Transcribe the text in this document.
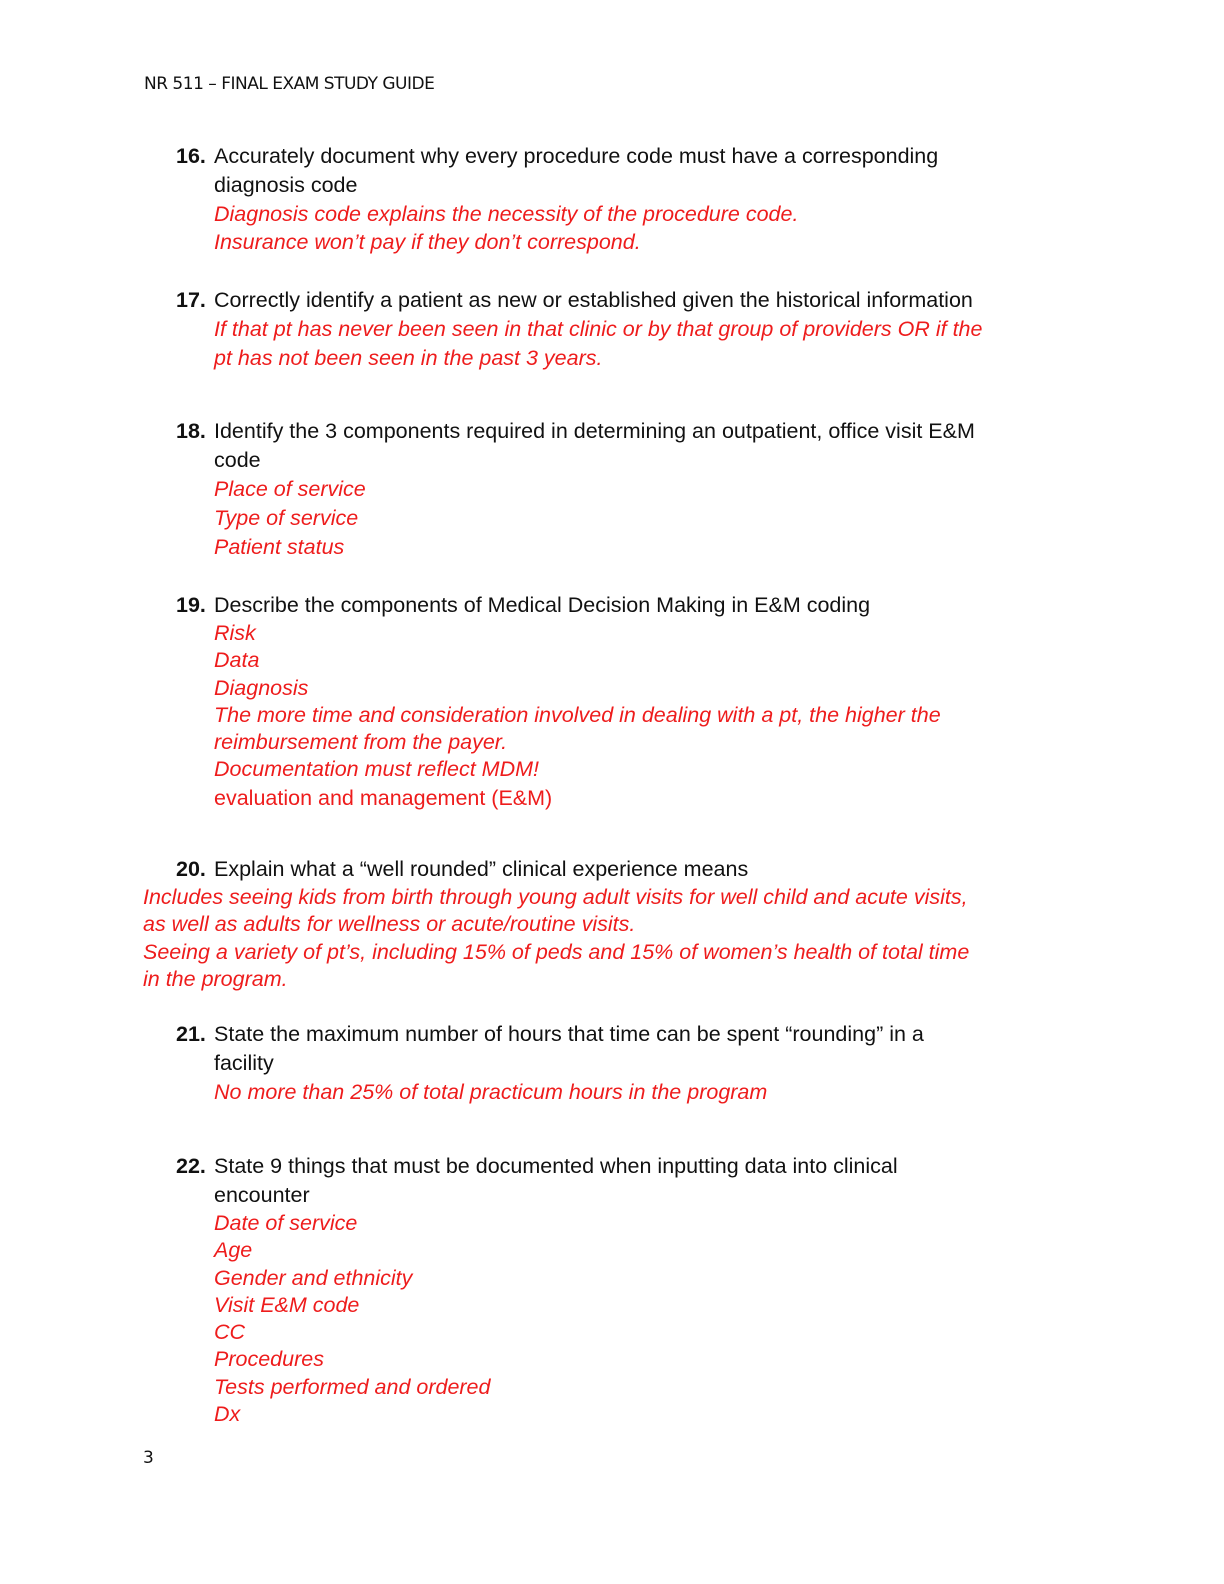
NR 511 – FINAL EXAM STUDY GUIDE
16. Accurately document why every procedure code must have a corresponding
diagnosis code
Diagnosis code explains the necessity of the procedure code.
Insurance won’t pay if they don’t correspond.
17. Correctly identify a patient as new or established given the historical information
If that pt has never been seen in that clinic or by that group of providers OR if the
pt has not been seen in the past 3 years.
18. Identify the 3 components required in determining an outpatient, office visit E&M
code
Place of service
Type of service
Patient status
19. Describe the components of Medical Decision Making in E&M coding
Risk
Data
Diagnosis
The more time and consideration involved in dealing with a pt, the higher the
reimbursement from the payer.
Documentation must reflect MDM!
evaluation and management (E&M)
20. Explain what a “well rounded” clinical experience means
Includes seeing kids from birth through young adult visits for well child and acute visits,
as well as adults for wellness or acute/routine visits.
Seeing a variety of pt’s, including 15% of peds and 15% of women’s health of total time
in the program.
21. State the maximum number of hours that time can be spent “rounding” in a
facility
No more than 25% of total practicum hours in the program
22. State 9 things that must be documented when inputting data into clinical
encounter
Date of service
Age
Gender and ethnicity
Visit E&M code
CC
Procedures
Tests performed and ordered
Dx
3
